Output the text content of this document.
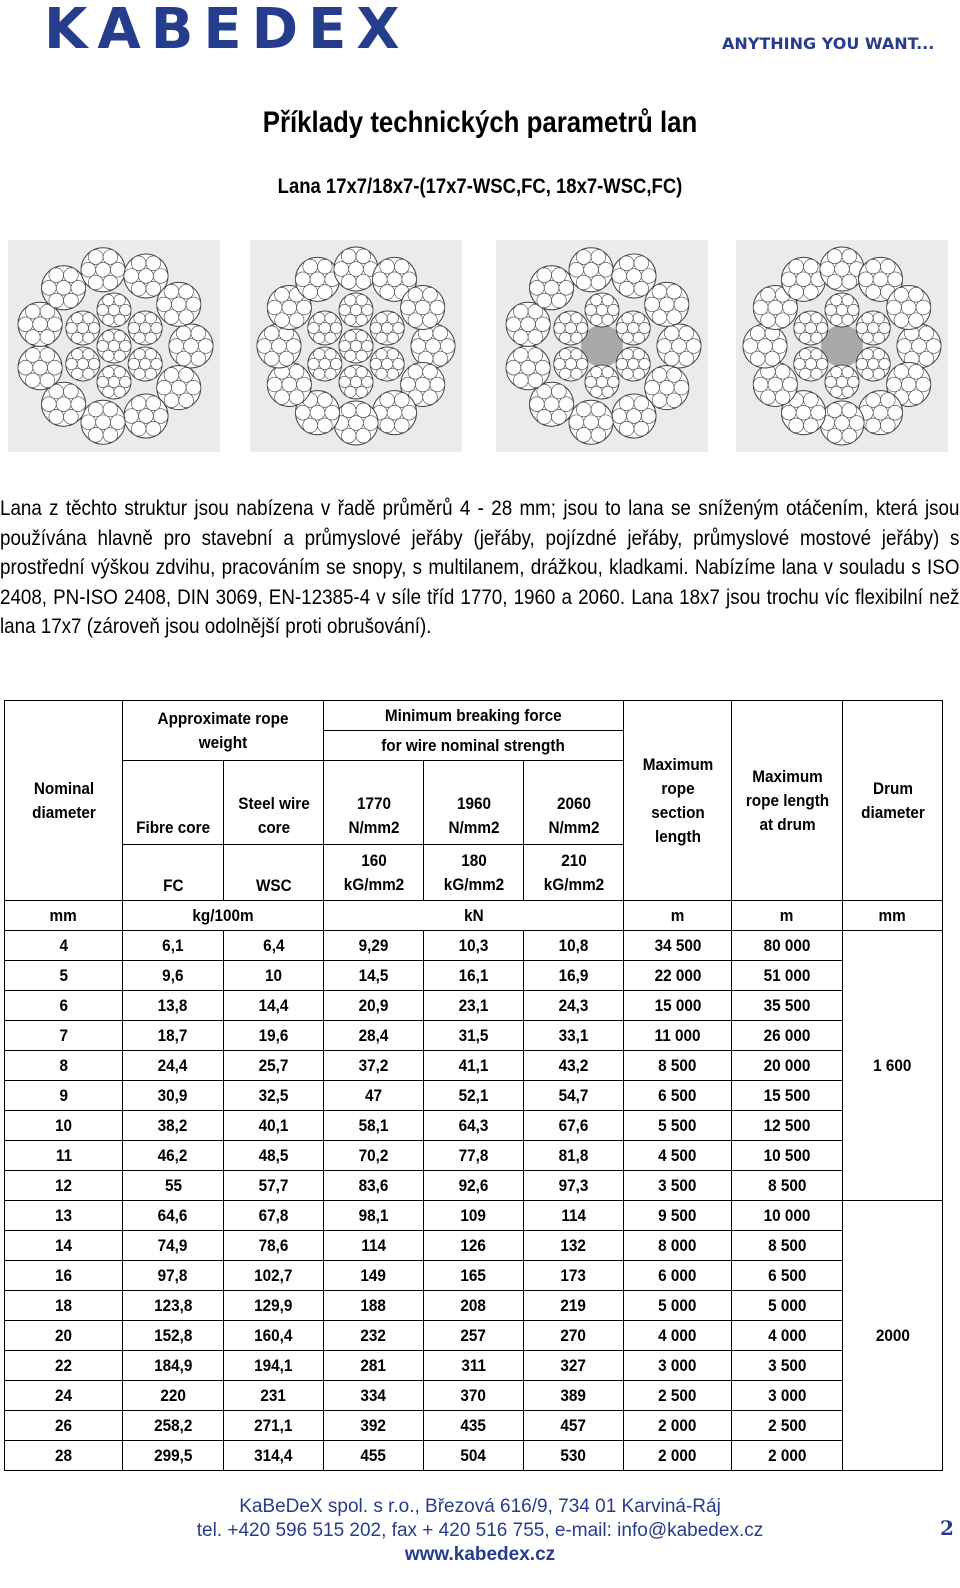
KABEDEX	ANYTHING YOU WANT...
Příklady technických parametrů lan
Lana 17x7/18x7-(17x7-WSC,FC, 18x7-WSC,FC)
Lana z těchto struktur jsou nabízena v řadě průměrů 4 - 28 mm; jsou to lana se sníženým otáčením, která jsou používána hlavně pro stavební a průmyslové jeřáby (jeřáby, pojízdné jeřáby, průmyslové mostové jeřáby) s prostřední výškou zdvihu, pracováním se snopy, s multilanem, drážkou, kladkami. Nabízíme lana v souladu s ISO 2408, PN-ISO 2408, DIN 3069, EN-12385-4 v síle tříd 1770, 1960 a 2060. Lana 18x7 jsou trochu víc flexibilní než lana 17x7 (zároveň jsou odolnější proti obrušování).
Nominal diameter	Approximate rope weight		Minimum breaking force			Maximum rope section length	Maximum rope length at drum	Drum diameter
			for wire nominal strength					
	Fibre core	Steel wire core	1770 N/mm2	1960 N/mm2	2060 N/mm2			
	FC	WSC	160 kG/mm2	180 kG/mm2	210 kG/mm2			
mm	kg/100m		kN			m	m	mm
4	6,1	6,4	9,29	10,3	10,8	34 500	80 000	1 600
5	9,6	10	14,5	16,1	16,9	22 000	51 000	
6	13,8	14,4	20,9	23,1	24,3	15 000	35 500	
7	18,7	19,6	28,4	31,5	33,1	11 000	26 000	
8	24,4	25,7	37,2	41,1	43,2	8 500	20 000	
9	30,9	32,5	47	52,1	54,7	6 500	15 500	
10	38,2	40,1	58,1	64,3	67,6	5 500	12 500	
11	46,2	48,5	70,2	77,8	81,8	4 500	10 500	
12	55	57,7	83,6	92,6	97,3	3 500	8 500	
13	64,6	67,8	98,1	109	114	9 500	10 000	2000
14	74,9	78,6	114	126	132	8 000	8 500	
16	97,8	102,7	149	165	173	6 000	6 500	
18	123,8	129,9	188	208	219	5 000	5 000	
20	152,8	160,4	232	257	270	4 000	4 000	
22	184,9	194,1	281	311	327	3 000	3 500	
24	220	231	334	370	389	2 500	3 000	
26	258,2	271,1	392	435	457	2 000	2 500	
28	299,5	314,4	455	504	530	2 000	2 000	
KaBeDeX spol. s r.o., Březová 616/9, 734 01 Karviná-Ráj
tel. +420 596 515 202, fax + 420 516 755, e-mail: info@kabedex.cz
www.kabedex.cz
2
